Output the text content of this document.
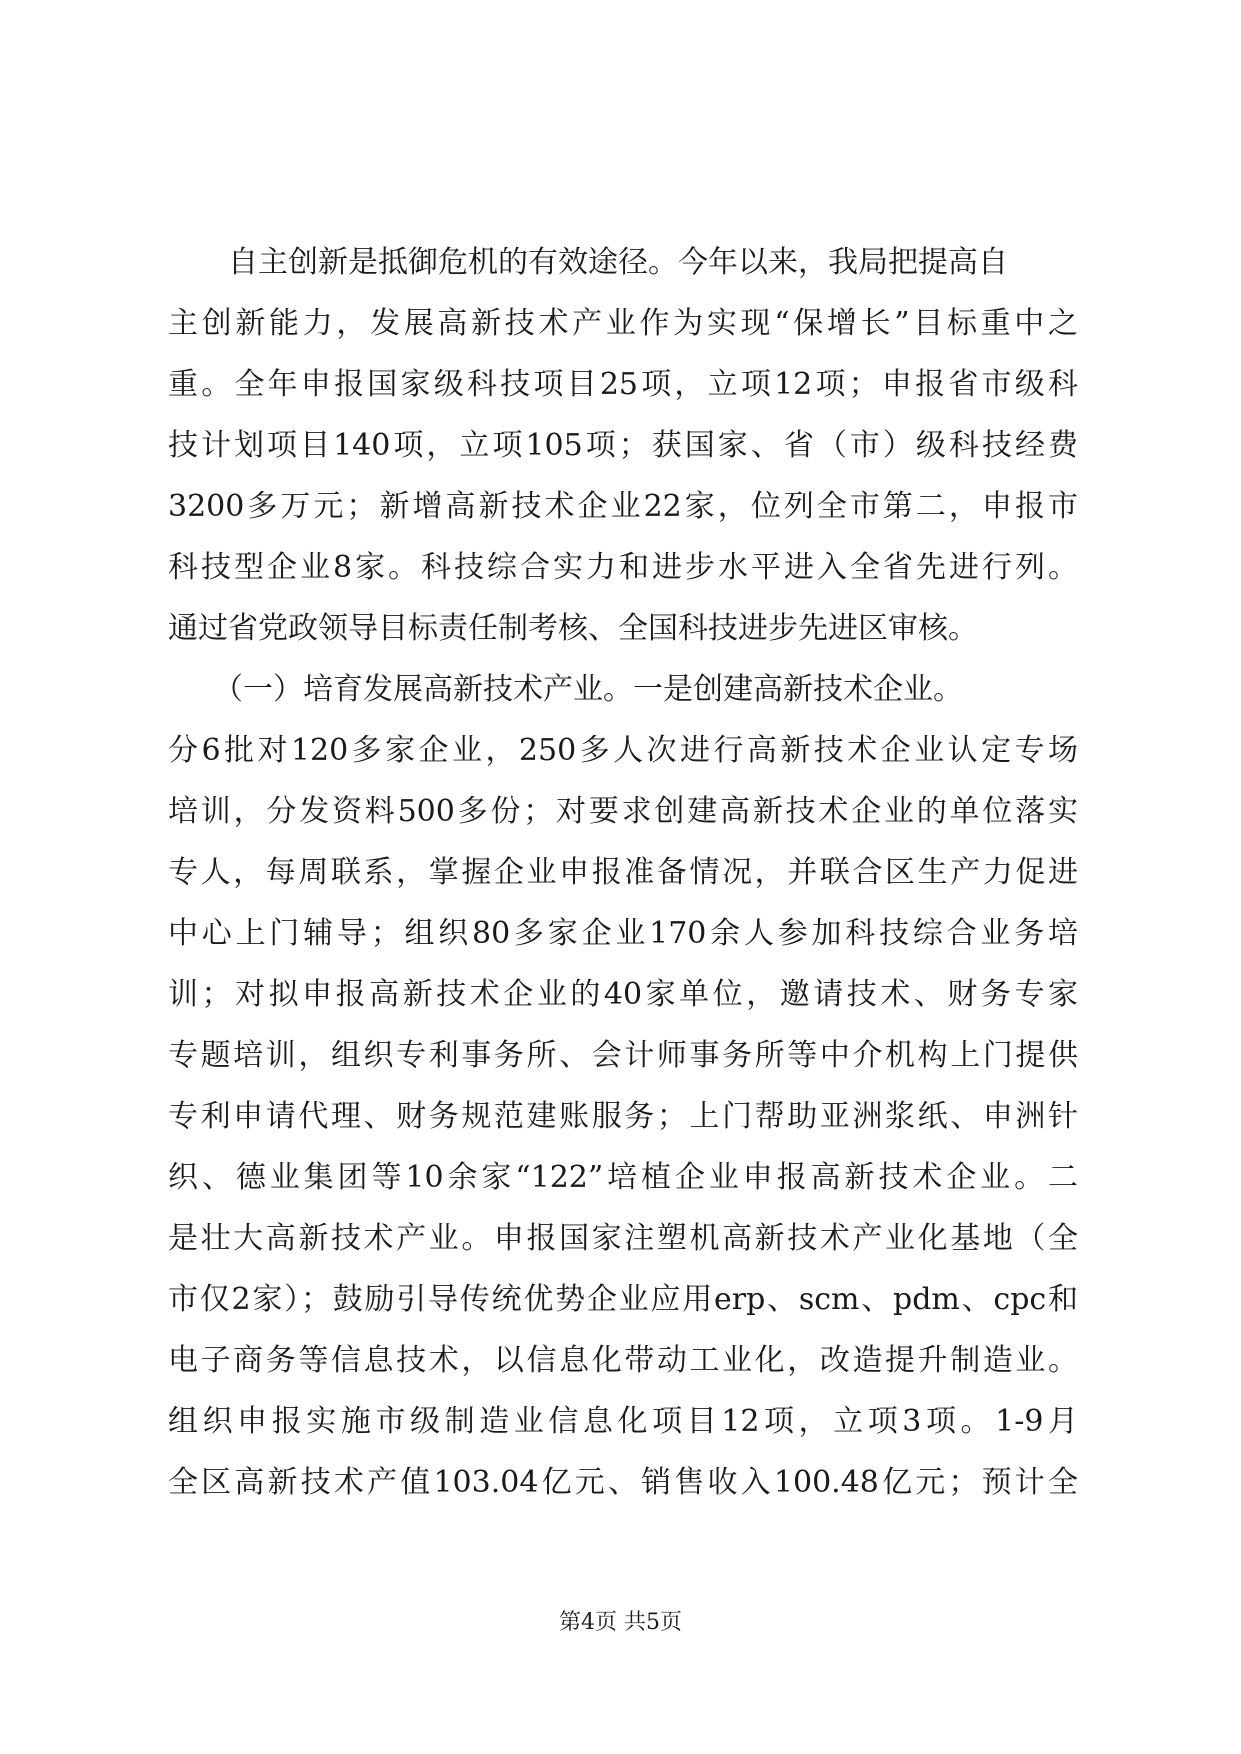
　　自主创新是抵御危机的有效途径。今年以来，我局把提高自
主创新能力，发展高新技术产业作为实现“保增长”目标重中之
重。全年申报国家级科技项目25项，立项12项；申报省市级科
技计划项目140项，立项105项；获国家、省（市）级科技经费
3200多万元；新增高新技术企业22家，位列全市第二，申报市
科技型企业8家。科技综合实力和进步水平进入全省先进行列。
通过省党政领导目标责任制考核、全国科技进步先进区审核。
　　（一）培育发展高新技术产业。一是创建高新技术企业。
分6批对120多家企业，250多人次进行高新技术企业认定专场
培训，分发资料500多份；对要求创建高新技术企业的单位落实
专人，每周联系，掌握企业申报准备情况，并联合区生产力促进
中心上门辅导；组织80多家企业170余人参加科技综合业务培
训；对拟申报高新技术企业的40家单位，邀请技术、财务专家
专题培训，组织专利事务所、会计师事务所等中介机构上门提供
专利申请代理、财务规范建账服务；上门帮助亚洲浆纸、申洲针
织、德业集团等10余家“122”培植企业申报高新技术企业。二
是壮大高新技术产业。申报国家注塑机高新技术产业化基地（全
市仅2家）；鼓励引导传统优势企业应用erp、scm、pdm、cpc和
电子商务等信息技术，以信息化带动工业化，改造提升制造业。
组织申报实施市级制造业信息化项目12项，立项3项。1-9月
全区高新技术产值103.04亿元、销售收入100.48亿元；预计全
第4页 共5页
